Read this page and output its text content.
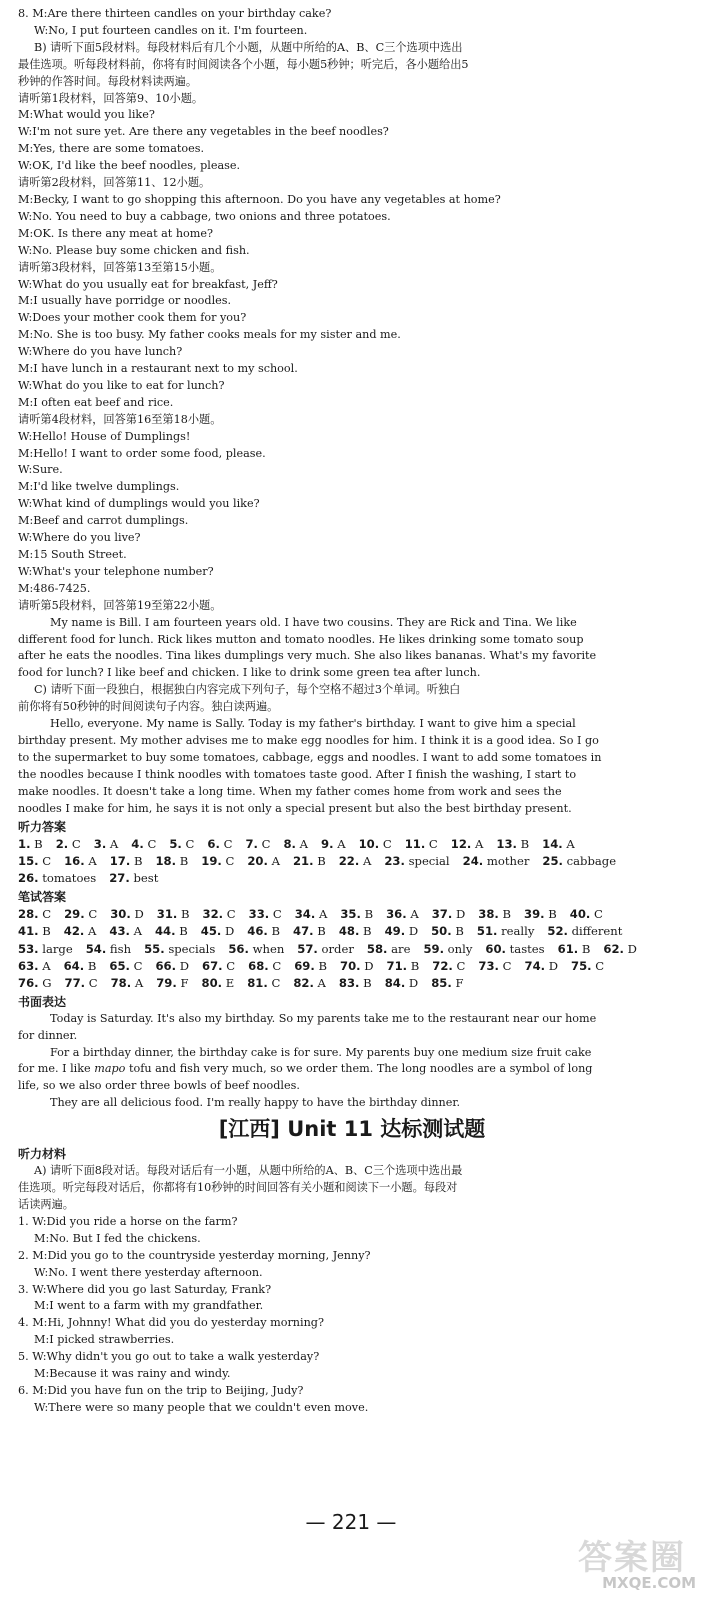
8. M:Are there thirteen candles on your birthday cake?
W:No, I put fourteen candles on it. I'm fourteen.
B) 请听下面5段材料。每段材料后有几个小题，从题中所给的A、B、C三个选项中选出
最佳选项。听每段材料前，你将有时间阅读各个小题，每小题5秒钟；听完后，各小题给出5
秒钟的作答时间。每段材料读两遍。
请听第1段材料，回答第9、10小题。
M:What would you like?
W:I'm not sure yet. Are there any vegetables in the beef noodles?
M:Yes, there are some tomatoes.
W:OK, I'd like the beef noodles, please.
请听第2段材料，回答第11、12小题。
M:Becky, I want to go shopping this afternoon. Do you have any vegetables at home?
W:No. You need to buy a cabbage, two onions and three potatoes.
M:OK. Is there any meat at home?
W:No. Please buy some chicken and fish.
请听第3段材料，回答第13至第15小题。
W:What do you usually eat for breakfast, Jeff?
M:I usually have porridge or noodles.
W:Does your mother cook them for you?
M:No. She is too busy. My father cooks meals for my sister and me.
W:Where do you have lunch?
M:I have lunch in a restaurant next to my school.
W:What do you like to eat for lunch?
M:I often eat beef and rice.
请听第4段材料，回答第16至第18小题。
W:Hello! House of Dumplings!
M:Hello! I want to order some food, please.
W:Sure.
M:I'd like twelve dumplings.
W:What kind of dumplings would you like?
M:Beef and carrot dumplings.
W:Where do you live?
M:15 South Street.
W:What's your telephone number?
M:486-7425.
请听第5段材料，回答第19至第22小题。
My name is Bill. I am fourteen years old. I have two cousins. They are Rick and Tina. We like
different food for lunch. Rick likes mutton and tomato noodles. He likes drinking some tomato soup
after he eats the noodles. Tina likes dumplings very much. She also likes bananas. What's my favorite
food for lunch? I like beef and chicken. I like to drink some green tea after lunch.
C) 请听下面一段独白，根据独白内容完成下列句子，每个空格不超过3个单词。听独白
前你将有50秒钟的时间阅读句子内容。独白读两遍。
Hello, everyone. My name is Sally. Today is my father's birthday. I want to give him a special
birthday present. My mother advises me to make egg noodles for him. I think it is a good idea. So I go
to the supermarket to buy some tomatoes, cabbage, eggs and noodles. I want to add some tomatoes in
the noodles because I think noodles with tomatoes taste good. After I finish the washing, I start to
make noodles. It doesn't take a long time. When my father comes home from work and sees the
noodles I make for him, he says it is not only a special present but also the best birthday present.
听力答案
1. B 2. C 3. A 4. C 5. C 6. C 7. C 8. A 9. A 10. C 11. C 12. A 13. B 14. A
15. C 16. A 17. B 18. B 19. C 20. A 21. B 22. A 23. special 24. mother 25. cabbage
26. tomatoes 27. best
笔试答案
28. C 29. C 30. D 31. B 32. C 33. C 34. A 35. B 36. A 37. D 38. B 39. B 40. C
41. B 42. A 43. A 44. B 45. D 46. B 47. B 48. B 49. D 50. B 51. really 52. different
53. large 54. fish 55. specials 56. when 57. order 58. are 59. only 60. tastes 61. B 62. D
63. A 64. B 65. C 66. D 67. C 68. C 69. B 70. D 71. B 72. C 73. C 74. D 75. C
76. G 77. C 78. A 79. F 80. E 81. C 82. A 83. B 84. D 85. F
书面表达
Today is Saturday. It's also my birthday. So my parents take me to the restaurant near our home
for dinner.
For a birthday dinner, the birthday cake is for sure. My parents buy one medium size fruit cake
for me. I like mapo tofu and fish very much, so we order them. The long noodles are a symbol of long
life, so we also order three bowls of beef noodles.
They are all delicious food. I'm really happy to have the birthday dinner.
[江西] Unit 11 达标测试题
听力材料
A) 请听下面8段对话。每段对话后有一小题，从题中所给的A、B、C三个选项中选出最
佳选项。听完每段对话后，你都将有10秒钟的时间回答有关小题和阅读下一小题。每段对
话读两遍。
1. W:Did you ride a horse on the farm?
M:No. But I fed the chickens.
2. M:Did you go to the countryside yesterday morning, Jenny?
W:No. I went there yesterday afternoon.
3. W:Where did you go last Saturday, Frank?
M:I went to a farm with my grandfather.
4. M:Hi, Johnny! What did you do yesterday morning?
M:I picked strawberries.
5. W:Why didn't you go out to take a walk yesterday?
M:Because it was rainy and windy.
6. M:Did you have fun on the trip to Beijing, Judy?
W:There were so many people that we couldn't even move.
— 221 —
答案圈
MXQE.COM
